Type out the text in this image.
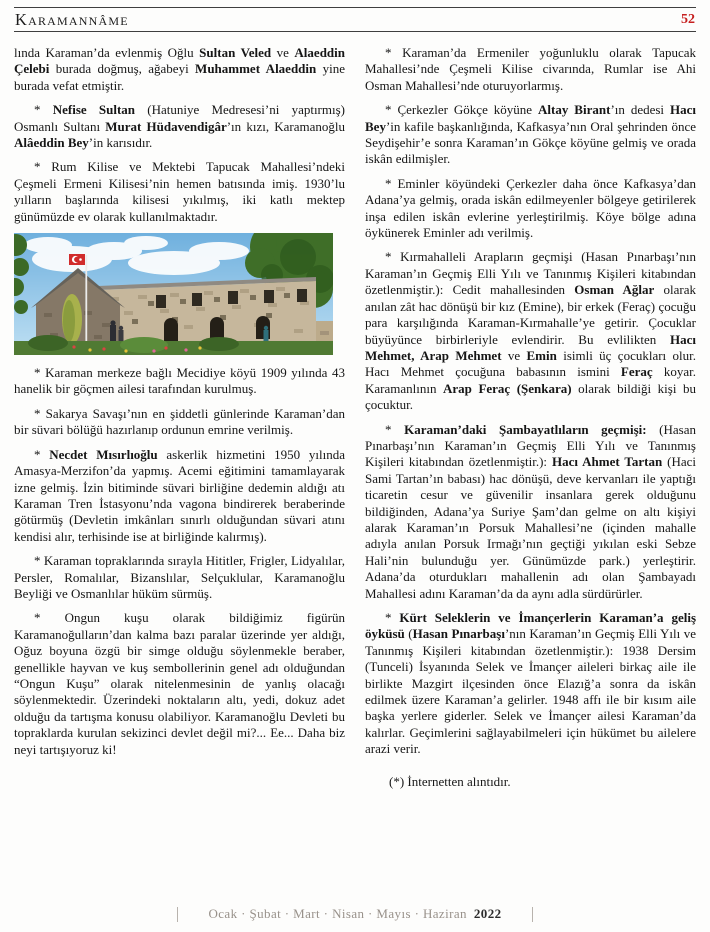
Karamannâme	52

lında Karaman’da evlenmiş Oğlu Sultan Veled ve Alaeddin Çelebi burada doğmuş, ağabeyi Muhammet Alaeddin yine burada vefat etmiştir.

* Nefise Sultan (Hatuniye Medresesi’ni yaptırmış) Osmanlı Sultanı Murat Hüdavendigâr’ın kızı, Karamanoğlu Alâeddin Bey’in karısıdır.

* Rum Kilise ve Mektebi Tapucak Mahallesi’ndeki Çeşmeli Ermeni Kilisesi’nin hemen batısında imiş. 1930’lu yılların başlarında kilisesi yıkılmış, iki katlı mektep günümüzde ev olarak kullanılmaktadır.

* Karaman merkeze bağlı Mecidiye köyü 1909 yılında 43 hanelik bir göçmen ailesi tarafından kurulmuş.

* Sakarya Savaşı’nın en şiddetli günlerinde Karaman’dan bir süvari bölüğü hazırlanıp ordunun emrine verilmiş.

* Necdet Mısırlıoğlu askerlik hizmetini 1950 yılında Amasya-Merzifon’da yapmış. Acemi eğitimini tamamlayarak izne gelmiş. İzin bitiminde süvari birliğine dedemin aldığı atı Karaman Tren İstasyonu’nda vagona bindirerek beraberinde götürmüş (Devletin imkânları sınırlı olduğundan süvari atını kendisi alır, terhisinde ise at birliğinde kalırmış).

* Karaman topraklarında sırayla Hititler, Frigler, Lidyalılar, Persler, Romalılar, Bizanslılar, Selçuklular, Karamanoğlu Beyliği ve Osmanlılar hüküm sürmüş.

* Ongun kuşu olarak bildiğimiz figürün Karamanoğulların’dan kalma bazı paralar üzerinde yer aldığı, Oğuz boyuna özgü bir simge olduğu söylenmekle beraber, genellikle hayvan ve kuş sembollerinin genel adı olduğundan “Ongun Kuşu” olarak nitelenmesinin de yanlış olacağı söylenmektedir. Üzerindeki noktaların altı, yedi, dokuz adet olduğu da tartışma konusu olabiliyor. Karamanoğlu Devleti bu topraklarda kurulan sekizinci devlet değil mi?... Ee... Daha biz neyi tartışıyoruz ki!

* Karaman’da Ermeniler yoğunluklu olarak Tapucak Mahallesi’nde Çeşmeli Kilise civarında, Rumlar ise Ahi Osman Mahallesi’nde oturuyorlarmış.

* Çerkezler Gökçe köyüne Altay Birant’ın dedesi Hacı Bey’in kafile başkanlığında, Kafkasya’nın Oral şehrinden önce Seydişehir’e sonra Karaman’ın Gökçe köyüne gelmiş ve orada iskân edilmişler.

* Eminler köyündeki Çerkezler daha önce Kafkasya’dan Adana’ya gelmiş, orada iskân edilmeyenler bölgeye getirilerek inşa edilen iskân evlerine yerleştirilmiş. Köye bölge adına öykünerek Eminler adı verilmiş.

* Kırmahalleli Arapların geçmişi (Hasan Pınarbaşı’nın Karaman’ın Geçmiş Elli Yılı ve Tanınmış Kişileri kitabından özetlenmiştir.): Cedit mahallesinden Osman Ağlar olarak anılan zât hac dönüşü bir kız (Emine), bir erkek (Feraç) çocuğu para karşılığında Karaman-Kırmahalle’ye getirir. Çocuklar büyüyünce birbirleriyle evlendirir. Bu evlilikten Hacı Mehmet, Arap Mehmet ve Emin isimli üç çocukları olur. Hacı Mehmet çocuğuna babasının ismini Feraç koyar. Karamanlının Arap Feraç (Şenkara) olarak bildiği kişi bu çocuktur.

* Karaman’daki Şambayatlıların geçmişi: (Hasan Pınarbaşı’nın Karaman’ın Geçmiş Elli Yılı ve Tanınmış Kişileri kitabından özetlenmiştir.): Hacı Ahmet Tartan (Haci Sami Tartan’ın babası) hac dönüşü, deve kervanları ile yaptığı ticaretin cesur ve güvenilir insanlara gerek olduğunu bildiğinden, Adana’ya Suriye Şam’dan gelme on altı kişiyi alarak Karaman’ın Porsuk Mahallesi’ne (içinden mahalle adıyla anılan Porsuk Irmağı’nın geçtiği yıkılan eski Sebze Hali’nin bulunduğu yer. Günümüzde park.) yerleştirir. Adana’da oturdukları mahallenin adı olan Şambayadı Mahallesi adını Karaman’da da aynı adla sürdürürler.

* Kürt Seleklerin ve İmançerlerin Karaman’a geliş öyküsü (Hasan Pınarbaşı’nın Karaman’ın Geçmiş Elli Yılı ve Tanınmış Kişileri kitabından özetlenmiştir.): 1938 Dersim (Tunceli) İsyanında Selek ve İmançer aileleri birkaç aile ile birlikte Mazgirt ilçesinden önce Elazığ’a sonra da iskân edilmek üzere Karaman’a gelirler. 1948 affı ile bir kısım aile başka yerlere giderler. Selek ve İmançer ailesi Karaman’da kalırlar. Geçimlerini sağlayabilmeleri için hükümet bu ailelere arazi verir.

(*) İnternetten alıntıdır.

Ocak · Şubat · Mart · Nisan · Mayıs · Haziran 2022
